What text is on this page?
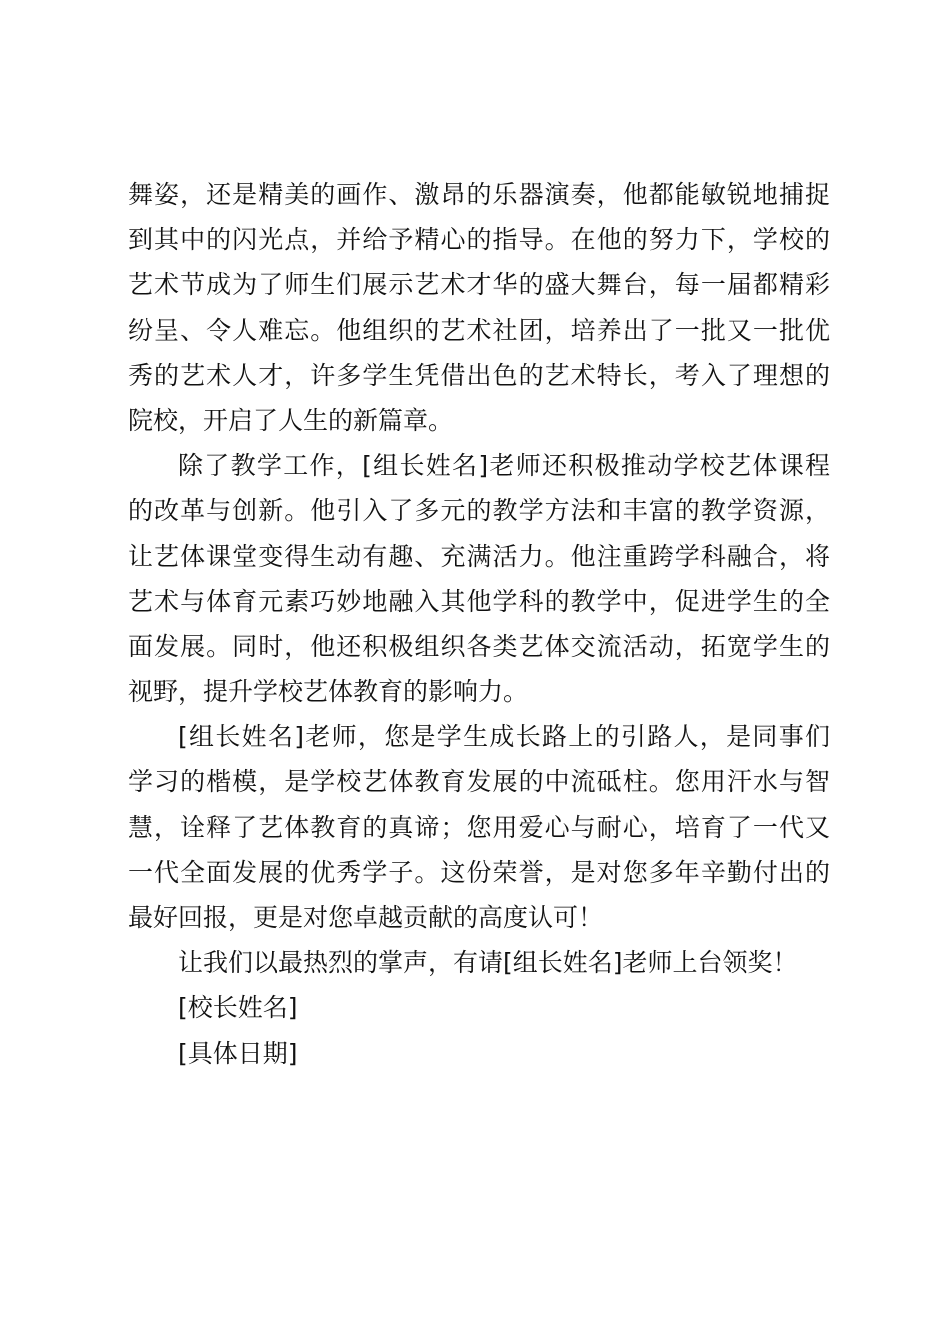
舞姿，还是精美的画作、激昂的乐器演奏，他都能敏锐地捕捉
到其中的闪光点，并给予精心的指导。在他的努力下，学校的
艺术节成为了师生们展示艺术才华的盛大舞台，每一届都精彩
纷呈、令人难忘。他组织的艺术社团，培养出了一批又一批优
秀的艺术人才，许多学生凭借出色的艺术特长，考入了理想的
院校，开启了人生的新篇章。
除了教学工作，[组长姓名]老师还积极推动学校艺体课程
的改革与创新。他引入了多元的教学方法和丰富的教学资源，
让艺体课堂变得生动有趣、充满活力。他注重跨学科融合，将
艺术与体育元素巧妙地融入其他学科的教学中，促进学生的全
面发展。同时，他还积极组织各类艺体交流活动，拓宽学生的
视野，提升学校艺体教育的影响力。
[组长姓名]老师，您是学生成长路上的引路人，是同事们
学习的楷模，是学校艺体教育发展的中流砥柱。您用汗水与智
慧，诠释了艺体教育的真谛；您用爱心与耐心，培育了一代又
一代全面发展的优秀学子。这份荣誉，是对您多年辛勤付出的
最好回报，更是对您卓越贡献的高度认可！
让我们以最热烈的掌声，有请[组长姓名]老师上台领奖！
[校长姓名]
[具体日期]
